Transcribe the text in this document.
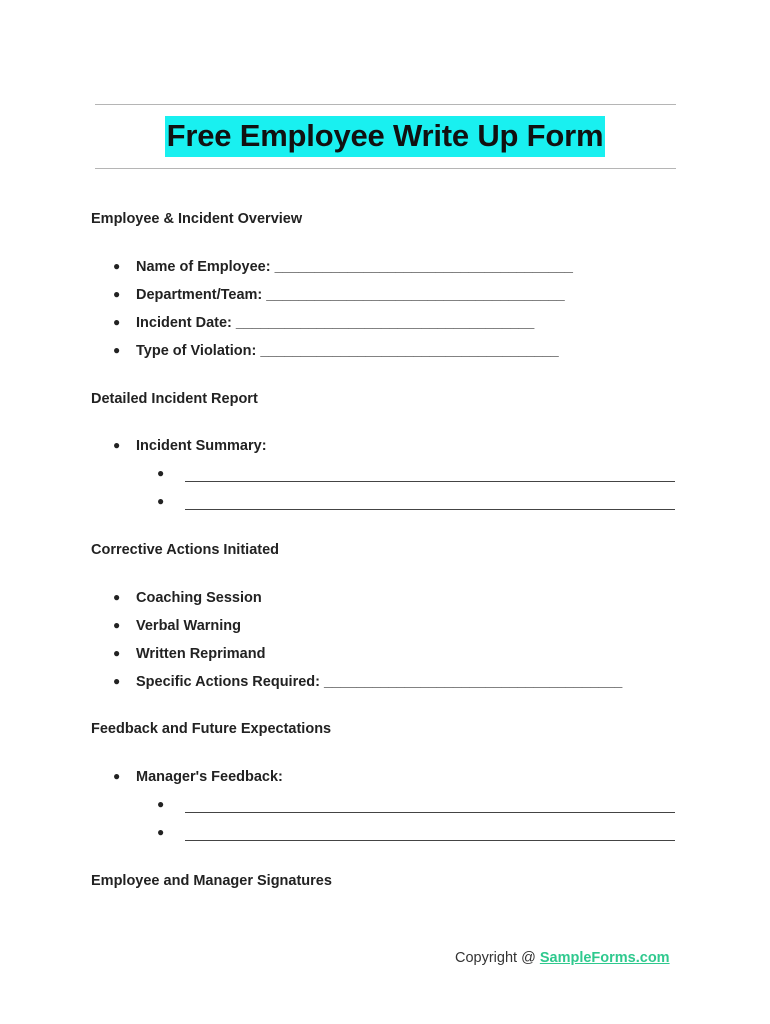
Free Employee Write Up Form
Employee & Incident Overview
● Name of Employee: _____________________________________
● Department/Team: _____________________________________
● Incident Date: _____________________________________
● Type of Violation: _____________________________________
Detailed Incident Report
● Incident Summary:
●
●
Corrective Actions Initiated
● Coaching Session
● Verbal Warning
● Written Reprimand
● Specific Actions Required: _____________________________________
Feedback and Future Expectations
● Manager's Feedback:
●
●
Employee and Manager Signatures
Copyright @ SampleForms.com
